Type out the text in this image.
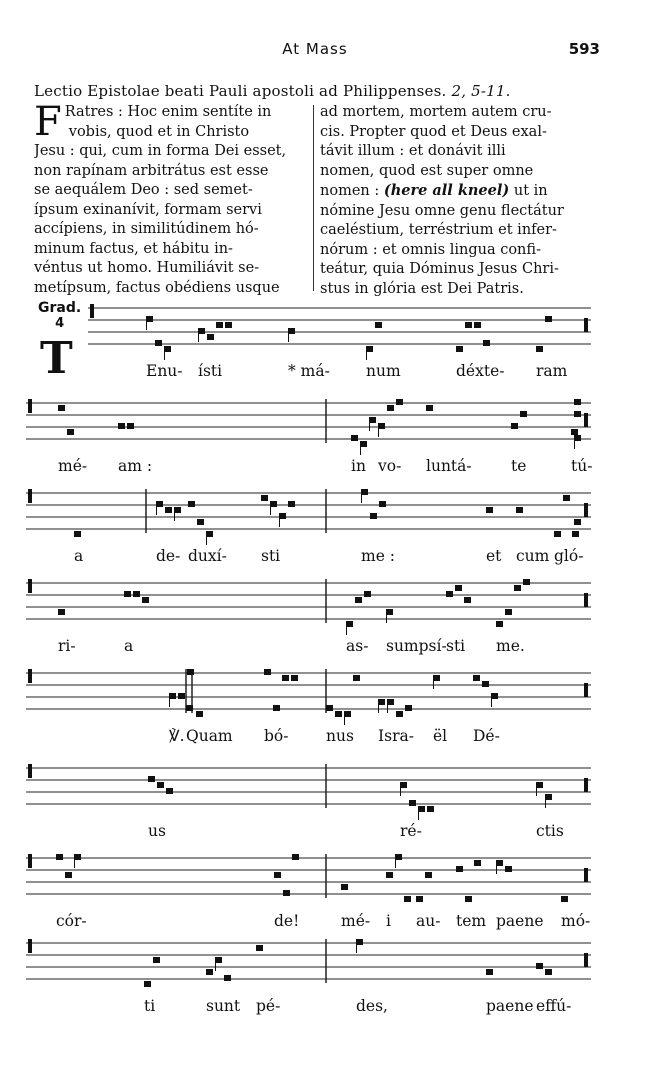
At Mass	593
Lectio Epistolae beati Pauli apostoli ad Philippenses. 2, 5-11.
F Ratres : Hoc enim sentíte in
vobis, quod et in Christo
Jesu : qui, cum in forma Dei esset,
non rapínam arbitrátus est esse
se aequálem Deo : sed semet-
ípsum exinanívit, formam servi
accípiens, in similitúdinem hó-
minum factus, et hábitu in-
véntus ut homo. Humiliávit se-
metípsum, factus obédiens usque
ad mortem, mortem autem cru-
cis. Propter quod et Deus exal-
távit illum : et donávit illi
nomen, quod est super omne
nomen : (here all kneel) ut in
nómine Jesu omne genu flectátur
caeléstium, terréstrium et infer-
nórum : et omnis lingua confi-
teátur, quia Dóminus Jesus Chri-
stus in glória est Dei Patris.
Grad.
4
T	Enu- ísti	* má- num	déxte- ram
mé- am :	in vo- luntá-	te	tú-
a	de- duxí- sti	me :	et cum gló-
ri-	a	as- sumpsí- sti me.
℣. Quam bó- nus Isra- ël Dé-
us	ré-	ctis
cór-	de!	mé- i au- tem paene mó-
ti	sunt pé-	des,	paene effú-
